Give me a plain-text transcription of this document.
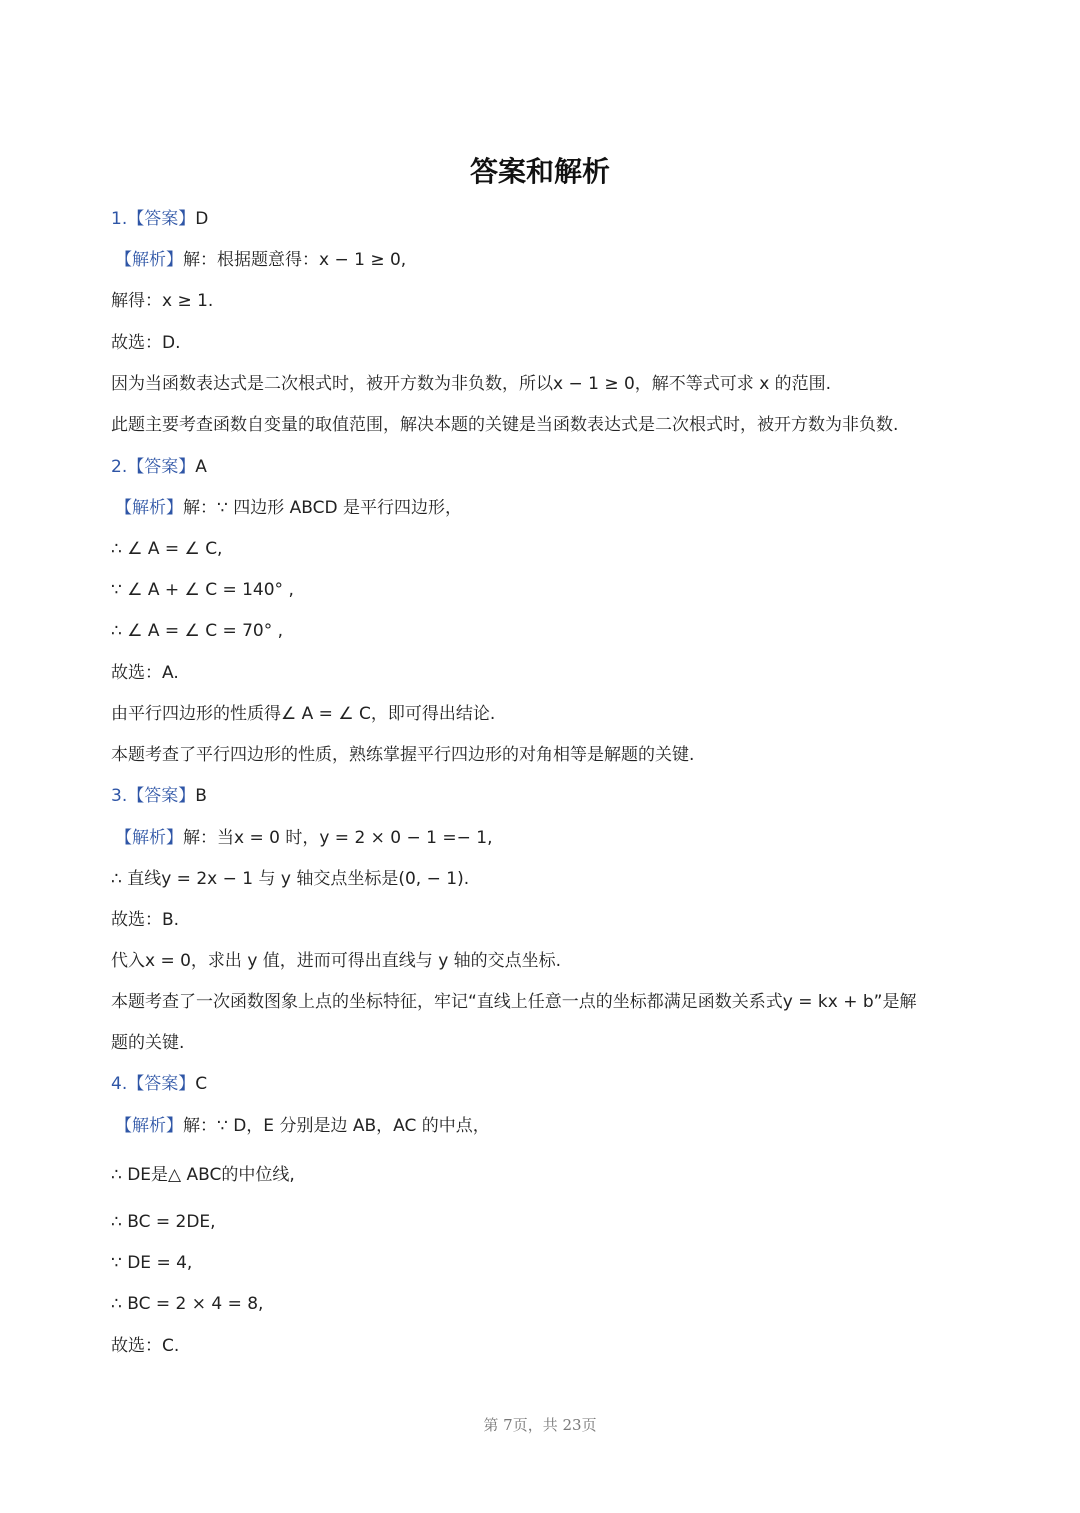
答案和解析
1.【答案】D
【解析】解：根据题意得：x − 1 ≥ 0,
解得：x ≥ 1.
故选：D.
因为当函数表达式是二次根式时，被开方数为非负数，所以x − 1 ≥ 0，解不等式可求 x 的范围.
此题主要考查函数自变量的取值范围，解决本题的关键是当函数表达式是二次根式时，被开方数为非负数.
2.【答案】A
【解析】解：∵ 四边形 ABCD 是平行四边形，
∴ ∠ A = ∠ C,
∵ ∠ A + ∠ C = 140° ,
∴ ∠ A = ∠ C = 70° ,
故选：A.
由平行四边形的性质得∠ A = ∠ C，即可得出结论.
本题考查了平行四边形的性质，熟练掌握平行四边形的对角相等是解题的关键.
3.【答案】B
【解析】解：当x = 0 时，y = 2 × 0 − 1 =− 1,
∴ 直线y = 2x − 1 与 y 轴交点坐标是(0, − 1).
故选：B.
代入x = 0，求出 y 值，进而可得出直线与 y 轴的交点坐标.
本题考查了一次函数图象上点的坐标特征，牢记“直线上任意一点的坐标都满足函数关系式y = kx + b”是解
题的关键.
4.【答案】C
【解析】解：∵ D，E 分别是边 AB，AC 的中点，
∴ DE是△ ABC的中位线,
∴ BC = 2DE,
∵ DE = 4,
∴ BC = 2 × 4 = 8,
故选：C.
第 7页，共 23页
